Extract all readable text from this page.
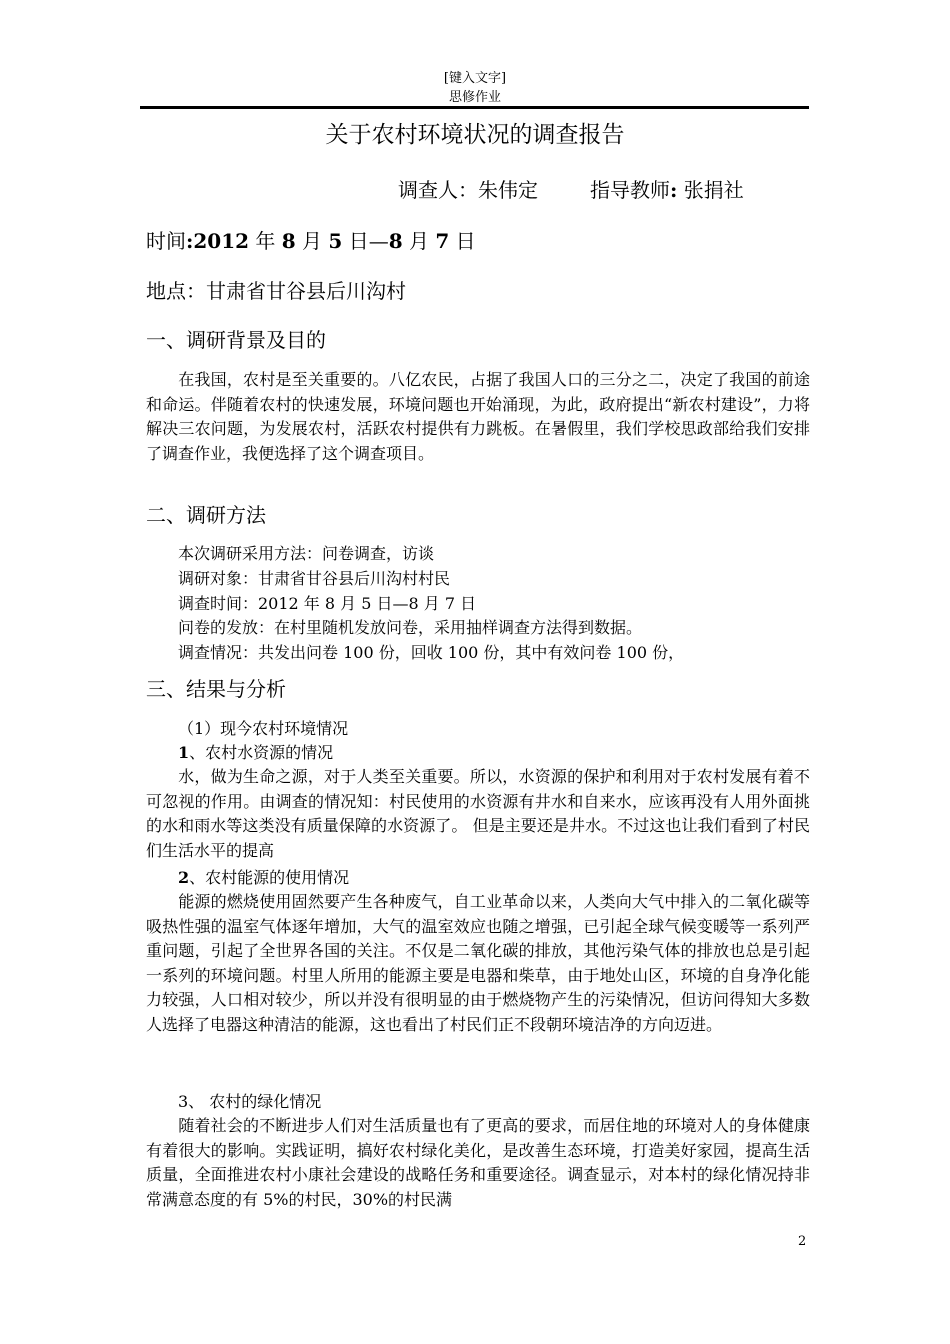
[键入文字]
思修作业
关于农村环境状况的调查报告
调查人：朱伟定	指导教师: 张捐社
时间:2012 年 8 月 5 日—8 月 7 日
地点：甘肃省甘谷县后川沟村
一、调研背景及目的
在我国，农村是至关重要的。八亿农民，占据了我国人口的三分之二，决定了我国的前途和命运。伴随着农村的快速发展，环境问题也开始涌现，为此，政府提出“新农村建设”，力将解决三农问题，为发展农村，活跃农村提供有力跳板。在暑假里，我们学校思政部给我们安排了调查作业，我便选择了这个调查项目。
二、调研方法
本次调研采用方法：问卷调查，访谈
调研对象：甘肃省甘谷县后川沟村村民
调查时间：2012 年 8 月 5 日—8 月 7 日
问卷的发放：在村里随机发放问卷，采用抽样调查方法得到数据。
调查情况：共发出问卷 100 份，回收 100 份，其中有效问卷 100 份，
三、结果与分析
（1）现今农村环境情况
1、农村水资源的情况
水，做为生命之源，对于人类至关重要。所以，水资源的保护和利用对于农村发展有着不可忽视的作用。由调查的情况知：村民使用的水资源有井水和自来水，应该再没有人用外面挑的水和雨水等这类没有质量保障的水资源了。 但是主要还是井水。不过这也让我们看到了村民们生活水平的提高
2、农村能源的使用情况
能源的燃烧使用固然要产生各种废气，自工业革命以来，人类向大气中排入的二氧化碳等吸热性强的温室气体逐年增加，大气的温室效应也随之增强，已引起全球气候变暖等一系列严重问题，引起了全世界各国的关注。不仅是二氧化碳的排放，其他污染气体的排放也总是引起一系列的环境问题。村里人所用的能源主要是电器和柴草，由于地处山区，环境的自身净化能力较强，人口相对较少，所以并没有很明显的由于燃烧物产生的污染情况，但访问得知大多数人选择了电器这种清洁的能源，这也看出了村民们正不段朝环境洁净的方向迈进。
3、 农村的绿化情况
随着社会的不断进步人们对生活质量也有了更高的要求，而居住地的环境对人的身体健康有着很大的影响。实践证明，搞好农村绿化美化，是改善生态环境，打造美好家园，提高生活质量，全面推进农村小康社会建设的战略任务和重要途径。调查显示，对本村的绿化情况持非常满意态度的有 5%的村民，30%的村民满
2
